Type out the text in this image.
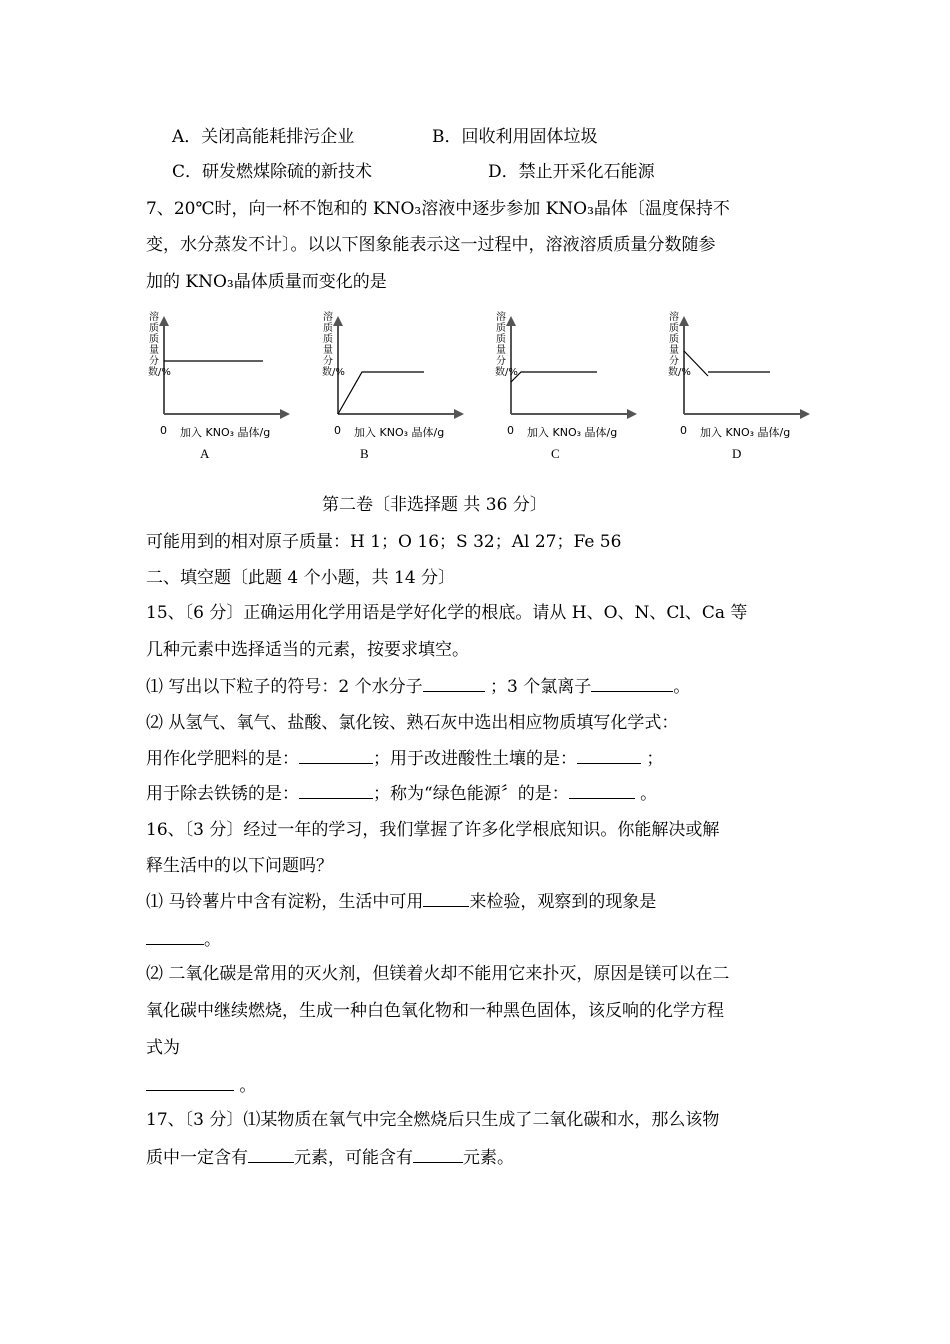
A．关闭高能耗排污企业	B．回收利用固体垃圾
C．研发燃煤除硫的新技术	D．禁止开采化石能源
7、20℃时，向一杯不饱和的 KNO₃溶液中逐步参加 KNO₃晶体〔温度保持不
变，水分蒸发不计〕。以以下图象能表示这一过程中，溶液溶质质量分数随参
加的 KNO₃晶体质量而变化的是
溶质质量分数/%
0 加入 KNO₃ 晶体/g
A
溶质质量分数/%
0 加入 KNO₃ 晶体/g
B
溶质质量分数/%
0 加入 KNO₃ 晶体/g
C
溶质质量分数/%
0 加入 KNO₃ 晶体/g
D
第二卷〔非选择题 共 36 分〕
可能用到的相对原子质量：H 1；O 16；S 32；Al 27；Fe 56
二、填空题〔此题 4 个小题，共 14 分〕
15、〔6 分〕正确运用化学用语是学好化学的根底。请从 H、O、N、Cl、Ca 等
几种元素中选择适当的元素，按要求填空。
⑴ 写出以下粒子的符号：2 个水分子	；3 个氯离子	。
⑵ 从氢气、氧气、盐酸、氯化铵、熟石灰中选出相应物质填写化学式：
用作化学肥料的是：	；用于改进酸性土壤的是：	；
用于除去铁锈的是：	；称为“绿色能源〞的是：	。
16、〔3 分〕经过一年的学习，我们掌握了许多化学根底知识。你能解决或解
释生活中的以下问题吗？
⑴ 马铃薯片中含有淀粉，生活中可用	来检验，观察到的现象是
。
⑵ 二氧化碳是常用的灭火剂，但镁着火却不能用它来扑灭，原因是镁可以在二
氧化碳中继续燃烧，生成一种白色氧化物和一种黑色固体，该反响的化学方程
式为
。
17、〔3 分〕⑴某物质在氧气中完全燃烧后只生成了二氧化碳和水，那么该物
质中一定含有	元素，可能含有	元素。
